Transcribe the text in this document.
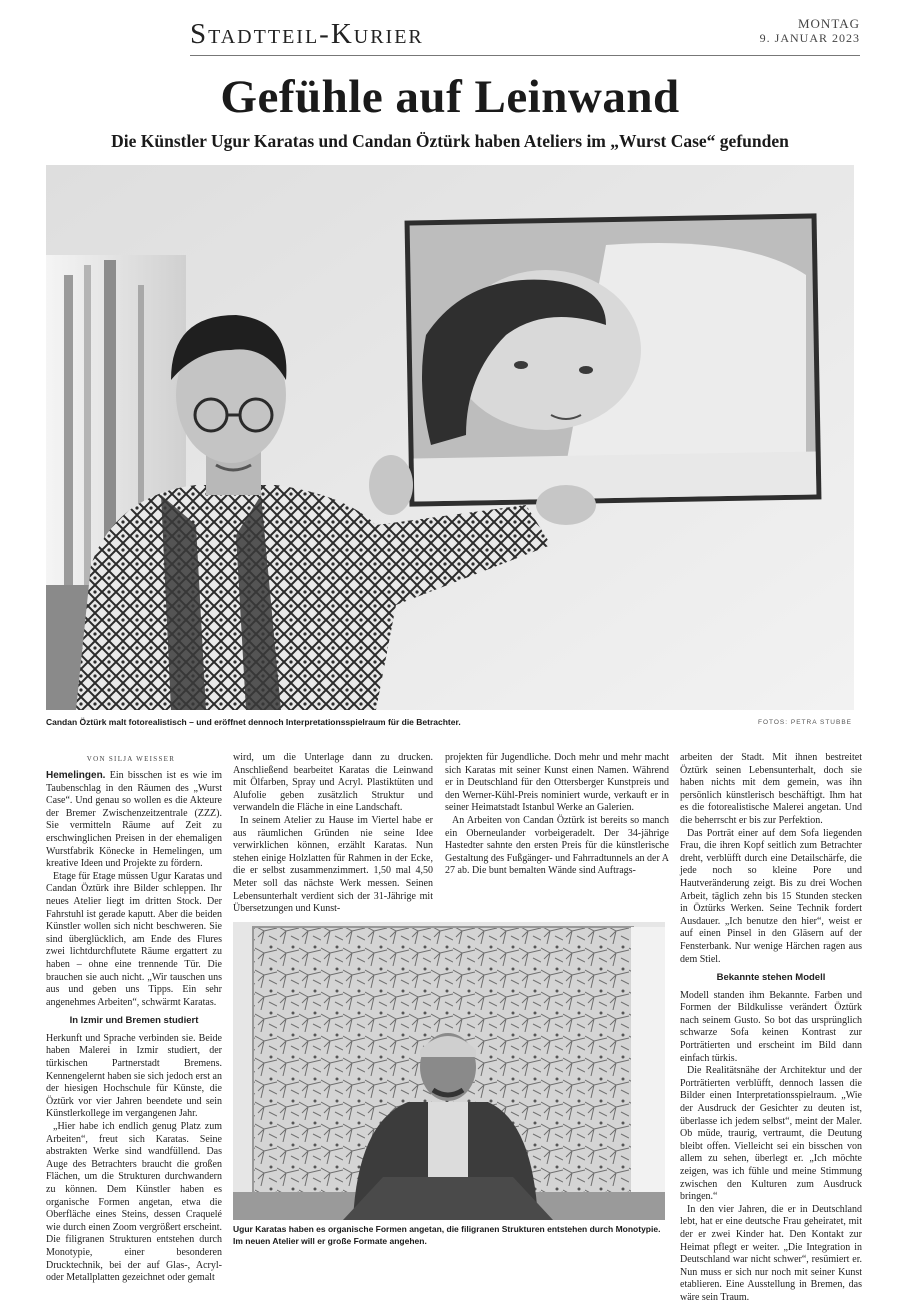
Stadtteil-Kurier	MONTAG
9. JANUAR 2023
Gefühle auf Leinwand
Die Künstler Ugur Karatas und Candan Öztürk haben Ateliers im „Wurst Case“ gefunden
Candan Öztürk malt fotorealistisch – und eröffnet dennoch Interpretationsspielraum für die Betrachter.	FOTOS: PETRA STUBBE
VON SILJA WEISSER

Hemelingen. Ein bisschen ist es wie im Taubenschlag in den Räumen des „Wurst Case“. Und genau so wollen es die Akteure der Bremer Zwischenzeitzentrale (ZZZ). Sie vermitteln Räume auf Zeit zu erschwinglichen Preisen in der ehemaligen Wurstfabrik Könecke in Hemelingen, um kreative Ideen und Projekte zu fördern.

Etage für Etage müssen Ugur Karatas und Candan Öztürk ihre Bilder schleppen. Ihr neues Atelier liegt im dritten Stock. Der Fahrstuhl ist gerade kaputt. Aber die beiden Künstler wollen sich nicht beschweren. Sie sind überglücklich, am Ende des Flures zwei lichtdurchflutete Räume ergattert zu haben – ohne eine trennende Tür. Die brauchen sie auch nicht. „Wir tauschen uns aus und geben uns Tipps. Ein sehr angenehmes Arbeiten“, schwärmt Karatas.

In Izmir und Bremen studiert

Herkunft und Sprache verbinden sie. Beide haben Malerei in Izmir studiert, der türkischen Partnerstadt Bremens. Kennengelernt haben sie sich jedoch erst an der hiesigen Hochschule für Künste, die Öztürk vor vier Jahren beendete und sein Künstlerkollege im vergangenen Jahr.

„Hier habe ich endlich genug Platz zum Arbeiten“, freut sich Karatas. Seine abstrakten Werke sind wandfüllend. Das Auge des Betrachters braucht die großen Flächen, um die Strukturen durchwandern zu können. Dem Künstler haben es organische Formen angetan, etwa die Oberfläche eines Steins, dessen Craquelé wie durch einen Zoom vergrößert erscheint. Die filigranen Strukturen entstehen durch Monotypie, einer besonderen Drucktechnik, bei der auf Glas-, Acryl- oder Metallplatten gezeichnet oder gemalt

wird, um die Unterlage dann zu drucken. Anschließend bearbeitet Karatas die Leinwand mit Ölfarben, Spray und Acryl. Plastiktüten und Alufolie geben zusätzlich Struktur und verwandeln die Fläche in eine Landschaft.

In seinem Atelier zu Hause im Viertel habe er aus räumlichen Gründen nie seine Idee verwirklichen können, erzählt Karatas. Nun stehen einige Holzlatten für Rahmen in der Ecke, die er selbst zusammenzimmert. 1,50 mal 4,50 Meter soll das nächste Werk messen. Seinen Lebensunterhalt verdient sich der 31-Jährige mit Übersetzungen und Kunst-

projekten für Jugendliche. Doch mehr und mehr macht sich Karatas mit seiner Kunst einen Namen. Während er in Deutschland für den Ottersberger Kunstpreis und den Werner-Kühl-Preis nominiert wurde, verkauft er in seiner Heimatstadt Istanbul Werke an Galerien.

An Arbeiten von Candan Öztürk ist bereits so manch ein Oberneulander vorbeigeradelt. Der 34-jährige Hastedter sahnte den ersten Preis für die künstlerische Gestaltung des Fußgänger- und Fahrradtunnels an der A 27 ab. Die bunt bemalten Wände sind Auftrags-

arbeiten der Stadt. Mit ihnen bestreitet Öztürk seinen Lebensunterhalt, doch sie haben nichts mit dem gemein, was ihn persönlich künstlerisch beschäftigt. Ihm hat es die fotorealistische Malerei angetan. Und die beherrscht er bis zur Perfektion.

Das Porträt einer auf dem Sofa liegenden Frau, die ihren Kopf seitlich zum Betrachter dreht, verblüfft durch eine Detailschärfe, die jede noch so kleine Pore und Hautveränderung zeigt. Bis zu drei Wochen Arbeit, täglich zehn bis 15 Stunden stecken in Öztürks Werken. Seine Technik fordert Ausdauer. „Ich benutze den hier“, weist er auf einen Pinsel in den Gläsern auf der Fensterbank. Nur wenige Härchen ragen aus dem Stiel.

Bekannte stehen Modell

Modell standen ihm Bekannte. Farben und Formen der Bildkulisse verändert Öztürk nach seinem Gusto. So bot das ursprünglich schwarze Sofa keinen Kontrast zur Porträtierten und erscheint im Bild dann einfach türkis.

Die Realitätsnähe der Architektur und der Porträtierten verblüfft, dennoch lassen die Bilder einen Interpretationsspielraum. „Wie der Ausdruck der Gesichter zu deuten ist, überlasse ich jedem selbst“, meint der Maler. Ob müde, traurig, vertraumt, die Deutung bleibt offen. Vielleicht sei ein bisschen von allem zu sehen, überlegt er. „Ich möchte zeigen, was ich fühle und meine Stimmung zwischen den Kulturen zum Ausdruck bringen.“

In den vier Jahren, die er in Deutschland lebt, hat er eine deutsche Frau geheiratet, mit der er zwei Kinder hat. Den Kontakt zur Heimat pflegt er weiter. „Die Integration in Deutschland war nicht schwer“, resümiert er. Nun muss er sich nur noch mit seiner Kunst etablieren. Eine Ausstellung in Bremen, das wäre sein Traum.

Ugur Karatas haben es organische Formen angetan, die filigranen Strukturen entstehen durch Monotypie. Im neuen Atelier will er große Formate angehen.
